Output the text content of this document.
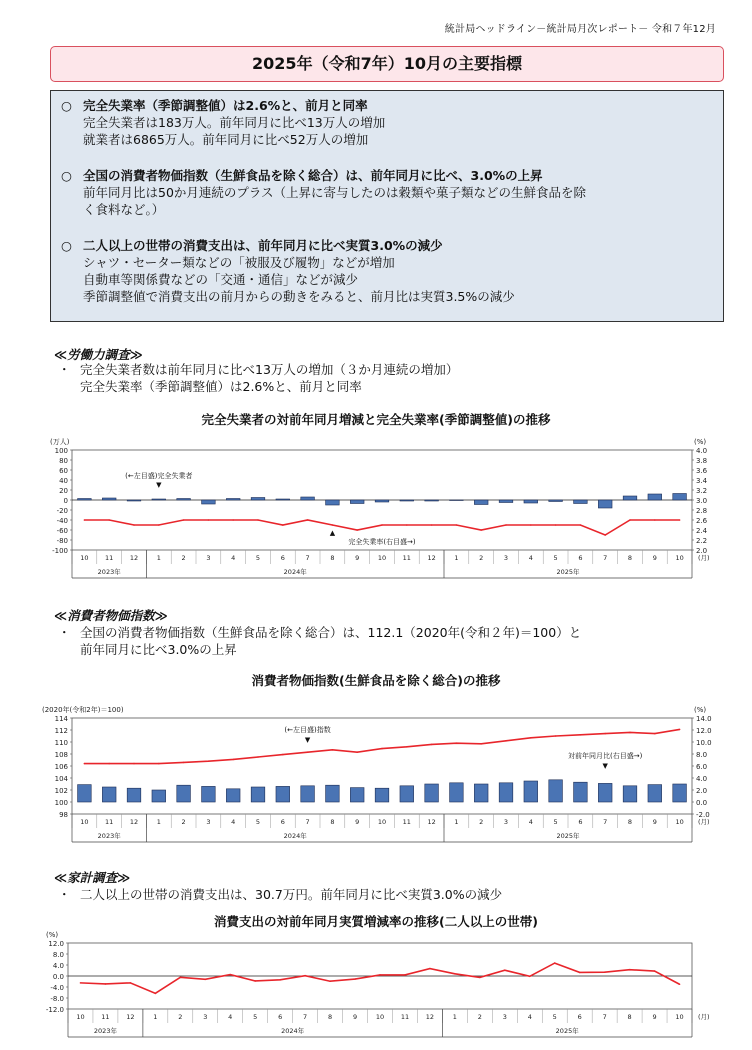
統計局ヘッドライン－統計局月次レポート－ 令和７年12月
2025年（令和7年）10月の主要指標
○ 完全失業率（季節調整値）は2.6%と、前月と同率
完全失業者は183万人。前年同月に比べ13万人の増加
就業者は6865万人。前年同月に比べ52万人の増加
○ 全国の消費者物価指数（生鮮食品を除く総合）は、前年同月に比べ、3.0%の上昇
前年同月比は50か月連続のプラス（上昇に寄与したのは穀類や菓子類などの生鮮食品を除
く食料など。）
○ 二人以上の世帯の消費支出は、前年同月に比べ実質3.0%の減少
シャツ・セーター類などの「被服及び履物」などが増加
自動車等関係費などの「交通・通信」などが減少
季節調整値で消費支出の前月からの動きをみると、前月比は実質3.5%の減少
≪労働力調査≫
・ 完全失業者数は前年同月に比べ13万人の増加（３か月連続の増加）
完全失業率（季節調整値）は2.6%と、前月と同率
完全失業者の対前年同月増減と完全失業率(季節調整値)の推移
100
80
60
40
20
0
-20
-40
-60
-80
-100
4.0
3.8
3.6
3.4
3.2
3.0
2.8
2.6
2.4
2.2
2.0
(万人)	(%)
10	11	12	1	2	3	4	5	6	7	8	9	10	11	12	1	2	3	4	5	6	7	8	9	10
2023年	2024年	2025年
(月)
(←左目盛)完全失業者
▼
▲
完全失業率(右目盛→)
≪消費者物価指数≫
・ 全国の消費者物価指数（生鮮食品を除く総合）は、112.1（2020年(令和２年)＝100）と
前年同月に比べ3.0%の上昇
消費者物価指数(生鮮食品を除く総合)の推移
114
112
110
108
106
104
102
100
98
14.0
12.0
10.0
8.0
6.0
4.0
2.0
0.0
-2.0
(%)
(2020年(令和2年)＝100)
10	11	12	1	2	3	4	5	6	7	8	9	10	11	12	1	2	3	4	5	6	7	8	9	10
2023年	2024年	2025年
(月)
(←左目盛)指数
▼
対前年同月比(右目盛→)
▼
≪家計調査≫
・ 二人以上の世帯の消費支出は、30.7万円。前年同月に比べ実質3.0%の減少
消費支出の対前年同月実質増減率の推移(二人以上の世帯)
12.0
8.0
4.0
0.0
-4.0
-8.0
-12.0
(%)
10	11	12	1	2	3	4	5	6	7	8	9	10	11	12	1	2	3	4	5	6	7	8	9	10
2023年	2024年	2025年
(月)
